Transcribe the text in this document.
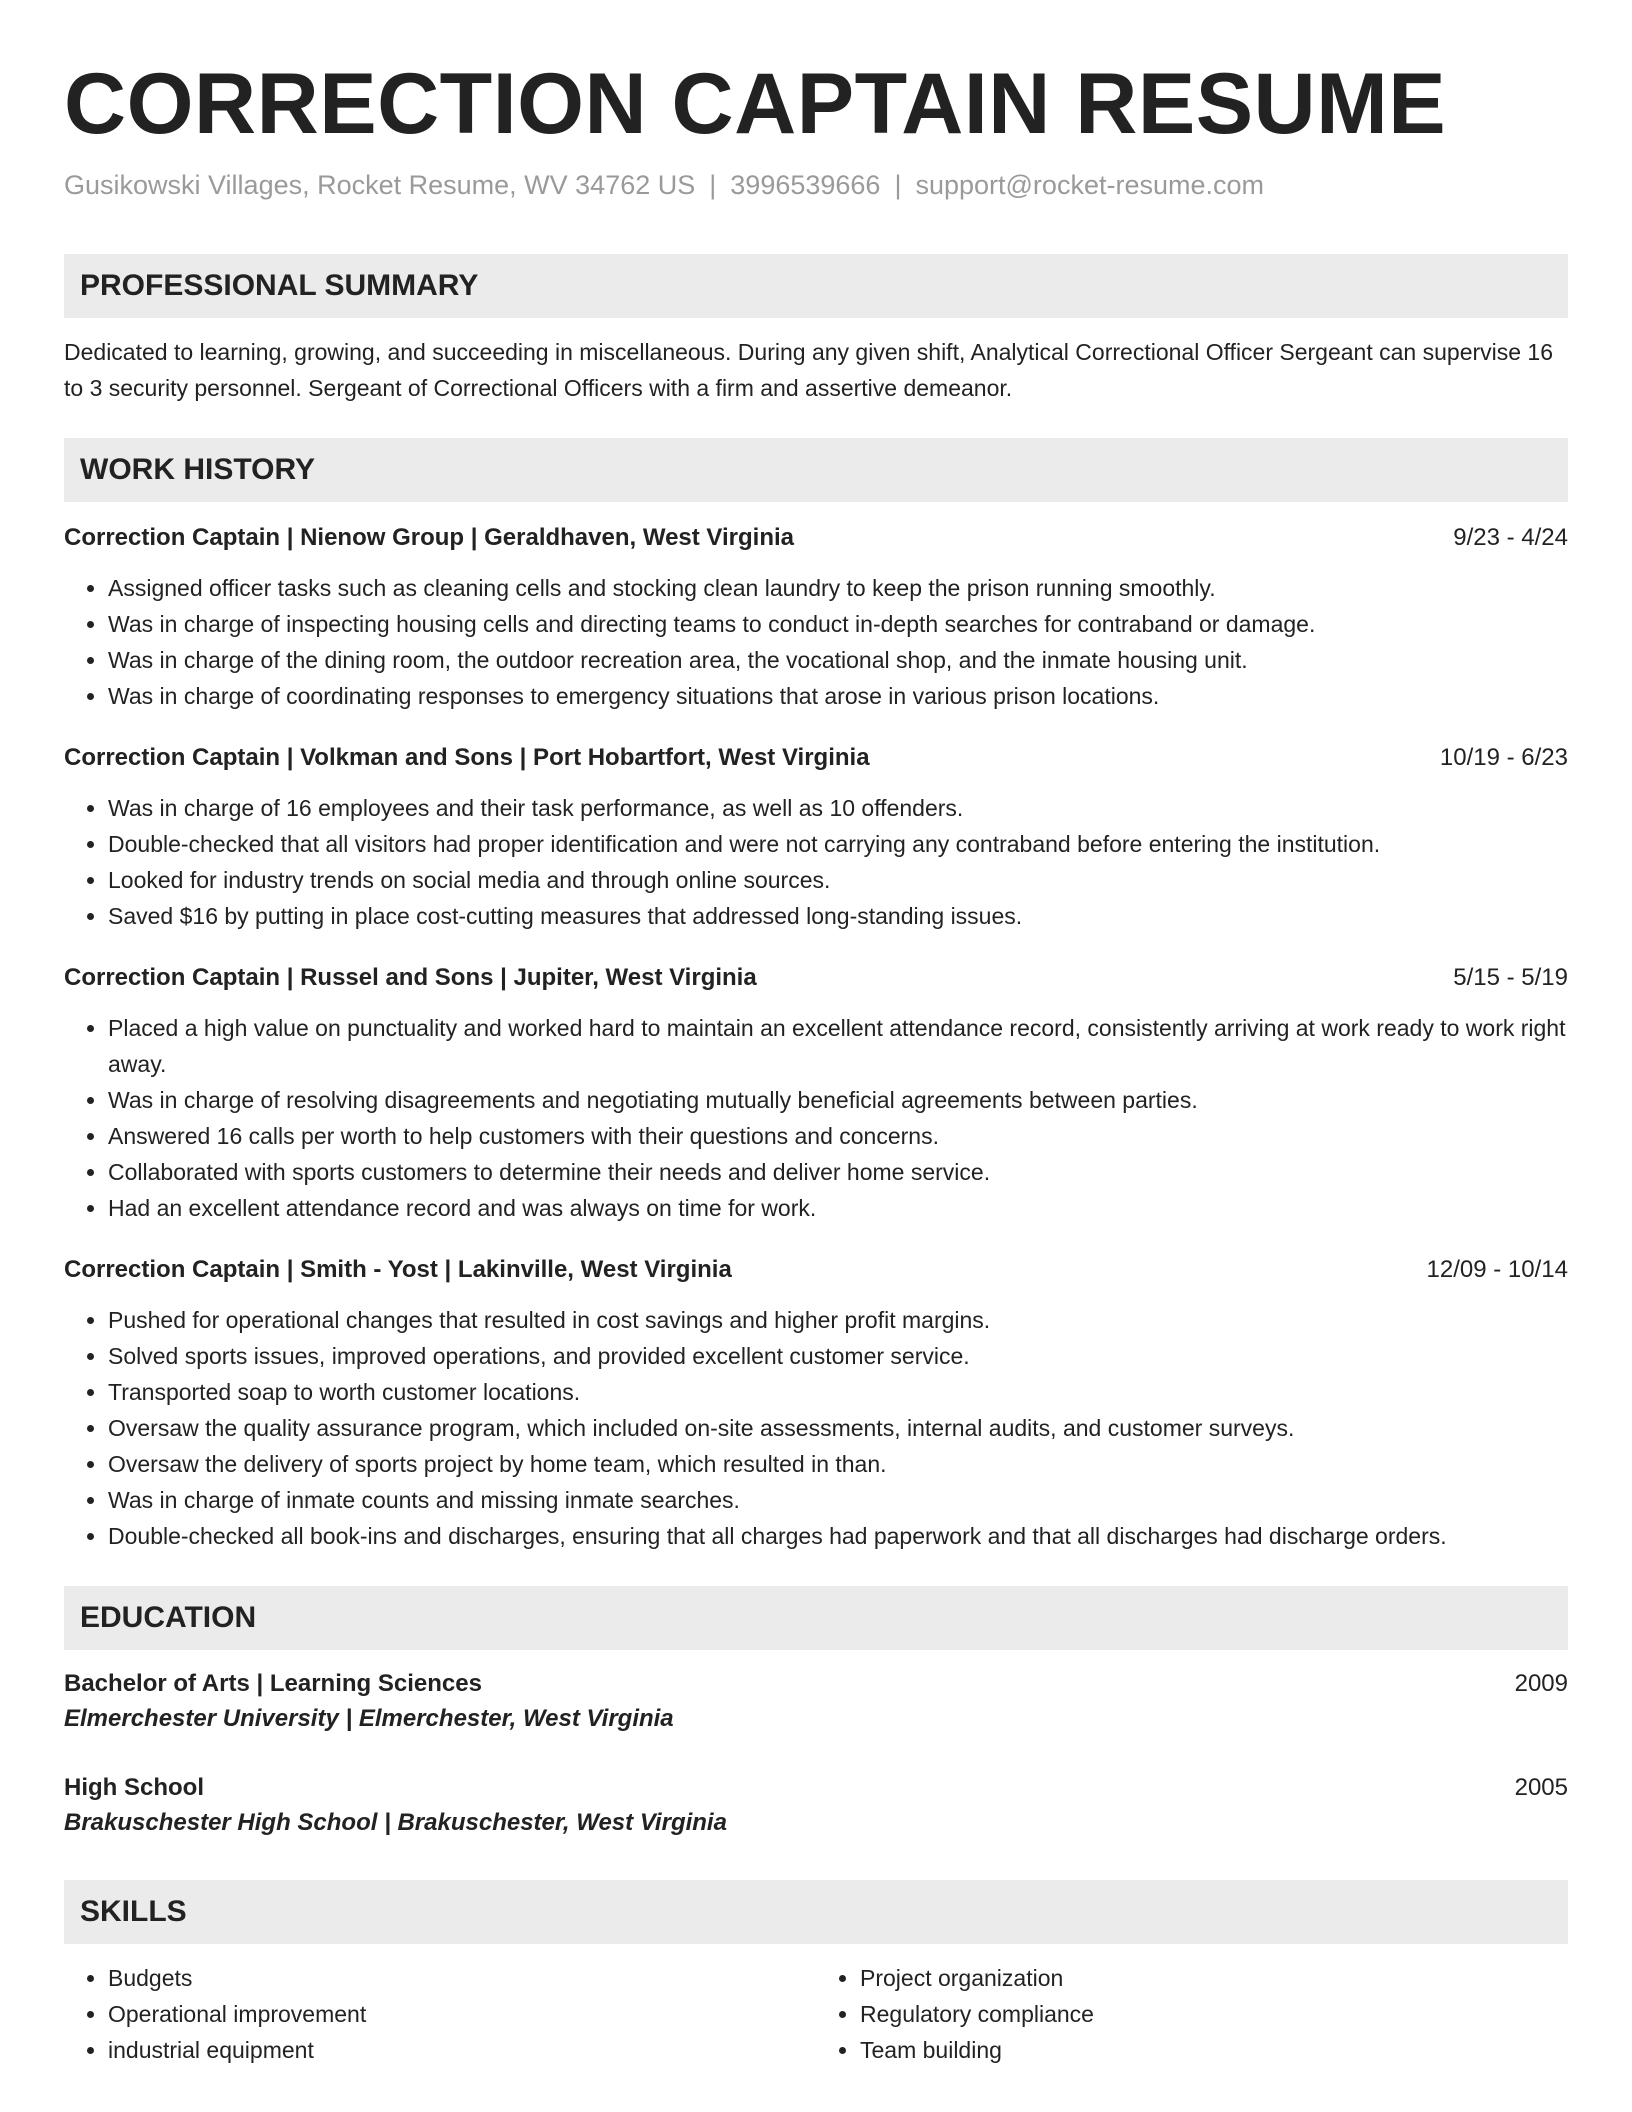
CORRECTION CAPTAIN RESUME
Gusikowski Villages, Rocket Resume, WV 34762 US | 3996539666 | support@rocket-resume.com
PROFESSIONAL SUMMARY
Dedicated to learning, growing, and succeeding in miscellaneous. During any given shift, Analytical Correctional Officer Sergeant can supervise 16 to 3 security personnel. Sergeant of Correctional Officers with a firm and assertive demeanor.
WORK HISTORY
Correction Captain | Nienow Group | Geraldhaven, West Virginia	9/23 - 4/24
• Assigned officer tasks such as cleaning cells and stocking clean laundry to keep the prison running smoothly.
• Was in charge of inspecting housing cells and directing teams to conduct in-depth searches for contraband or damage.
• Was in charge of the dining room, the outdoor recreation area, the vocational shop, and the inmate housing unit.
• Was in charge of coordinating responses to emergency situations that arose in various prison locations.
Correction Captain | Volkman and Sons | Port Hobartfort, West Virginia	10/19 - 6/23
• Was in charge of 16 employees and their task performance, as well as 10 offenders.
• Double-checked that all visitors had proper identification and were not carrying any contraband before entering the institution.
• Looked for industry trends on social media and through online sources.
• Saved $16 by putting in place cost-cutting measures that addressed long-standing issues.
Correction Captain | Russel and Sons | Jupiter, West Virginia	5/15 - 5/19
• Placed a high value on punctuality and worked hard to maintain an excellent attendance record, consistently arriving at work ready to work right away.
• Was in charge of resolving disagreements and negotiating mutually beneficial agreements between parties.
• Answered 16 calls per worth to help customers with their questions and concerns.
• Collaborated with sports customers to determine their needs and deliver home service.
• Had an excellent attendance record and was always on time for work.
Correction Captain | Smith - Yost | Lakinville, West Virginia	12/09 - 10/14
• Pushed for operational changes that resulted in cost savings and higher profit margins.
• Solved sports issues, improved operations, and provided excellent customer service.
• Transported soap to worth customer locations.
• Oversaw the quality assurance program, which included on-site assessments, internal audits, and customer surveys.
• Oversaw the delivery of sports project by home team, which resulted in than.
• Was in charge of inmate counts and missing inmate searches.
• Double-checked all book-ins and discharges, ensuring that all charges had paperwork and that all discharges had discharge orders.
EDUCATION
Bachelor of Arts | Learning Sciences	2009
Elmerchester University | Elmerchester, West Virginia
High School	2005
Brakuschester High School | Brakuschester, West Virginia
SKILLS
• Budgets
• Operational improvement
• industrial equipment
• Project organization
• Regulatory compliance
• Team building
